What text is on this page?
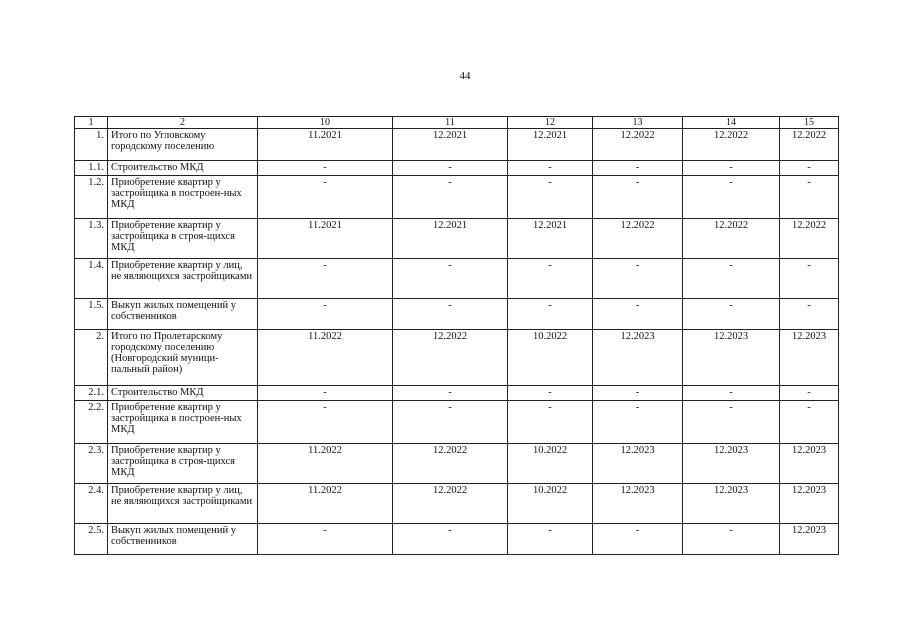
44
1	2	10	11	12	13	14	15
1.	Итого по Угловскому городскому поселению	11.2021	12.2021	12.2021	12.2022	12.2022	12.2022
1.1.	Строительство МКД	-	-	-	-	-	-
1.2.	Приобретение квартир у застройщика в построен-ных МКД	-	-	-	-	-	-
1.3.	Приобретение квартир у застройщика в строя-щихся МКД	11.2021	12.2021	12.2021	12.2022	12.2022	12.2022
1.4.	Приобретение квартир у лиц, не являющихся застройщиками	-	-	-	-	-	-
1.5.	Выкуп жилых помещений у собственников	-	-	-	-	-	-
2.	Итого по Пролетарскому городскому поселению (Новгородский муници-пальный район)	11.2022	12.2022	10.2022	12.2023	12.2023	12.2023
2.1.	Строительство МКД	-	-	-	-	-	-
2.2.	Приобретение квартир у застройщика в построен-ных МКД	-	-	-	-	-	-
2.3.	Приобретение квартир у застройщика в строя-щихся МКД	11.2022	12.2022	10.2022	12.2023	12.2023	12.2023
2.4.	Приобретение квартир у лиц, не являющихся застройщиками	11.2022	12.2022	10.2022	12.2023	12.2023	12.2023
2.5.	Выкуп жилых помещений у собственников	-	-	-	-	-	12.2023
